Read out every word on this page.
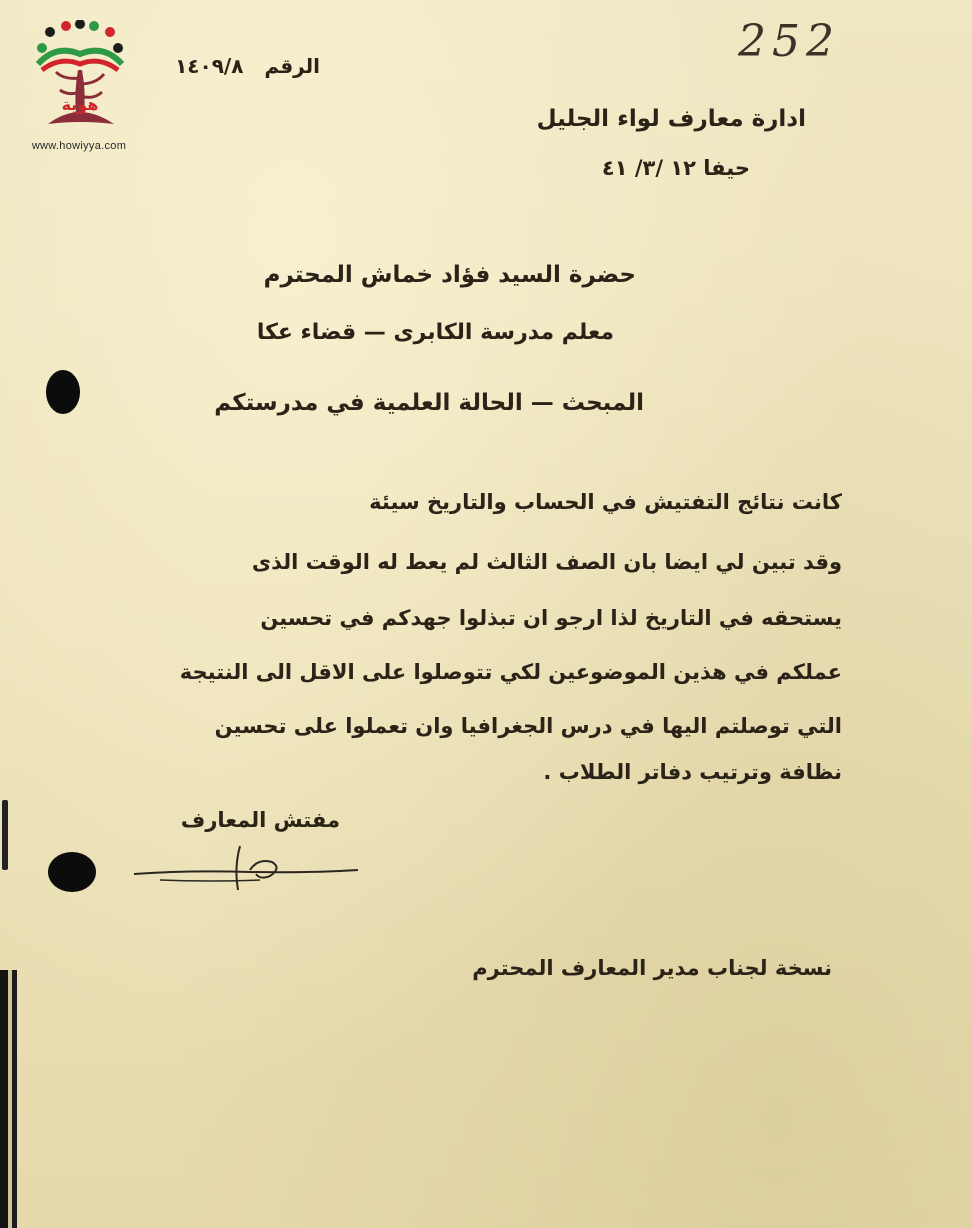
هوية
www.howiyya.com
الرقم ١٤٠٩/٨	252
ادارة معارف لواء الجليل
حيفا ١٢ /٣/ ٤١
حضرة السيد فؤاد خماش المحترم
معلم مدرسة الكابرى — قضاء عكا
المبحث — الحالة العلمية في مدرستكم
كانت نتائج التفتيش في الحساب والتاريخ سيئة
وقد تبين لي ايضا بان الصف الثالث لم يعط له الوقت الذى
يستحقه في التاريخ لذا ارجو ان تبذلوا جهدكم في تحسين
عملكم في هذين الموضوعين لكي تتوصلوا على الاقل الى النتيجة
التي توصلتم اليها في درس الجغرافيا وان تعملوا على تحسين
نظافة وترتيب دفاتر الطلاب .
مفتش المعارف
نسخة لجناب مدير المعارف المحترم
